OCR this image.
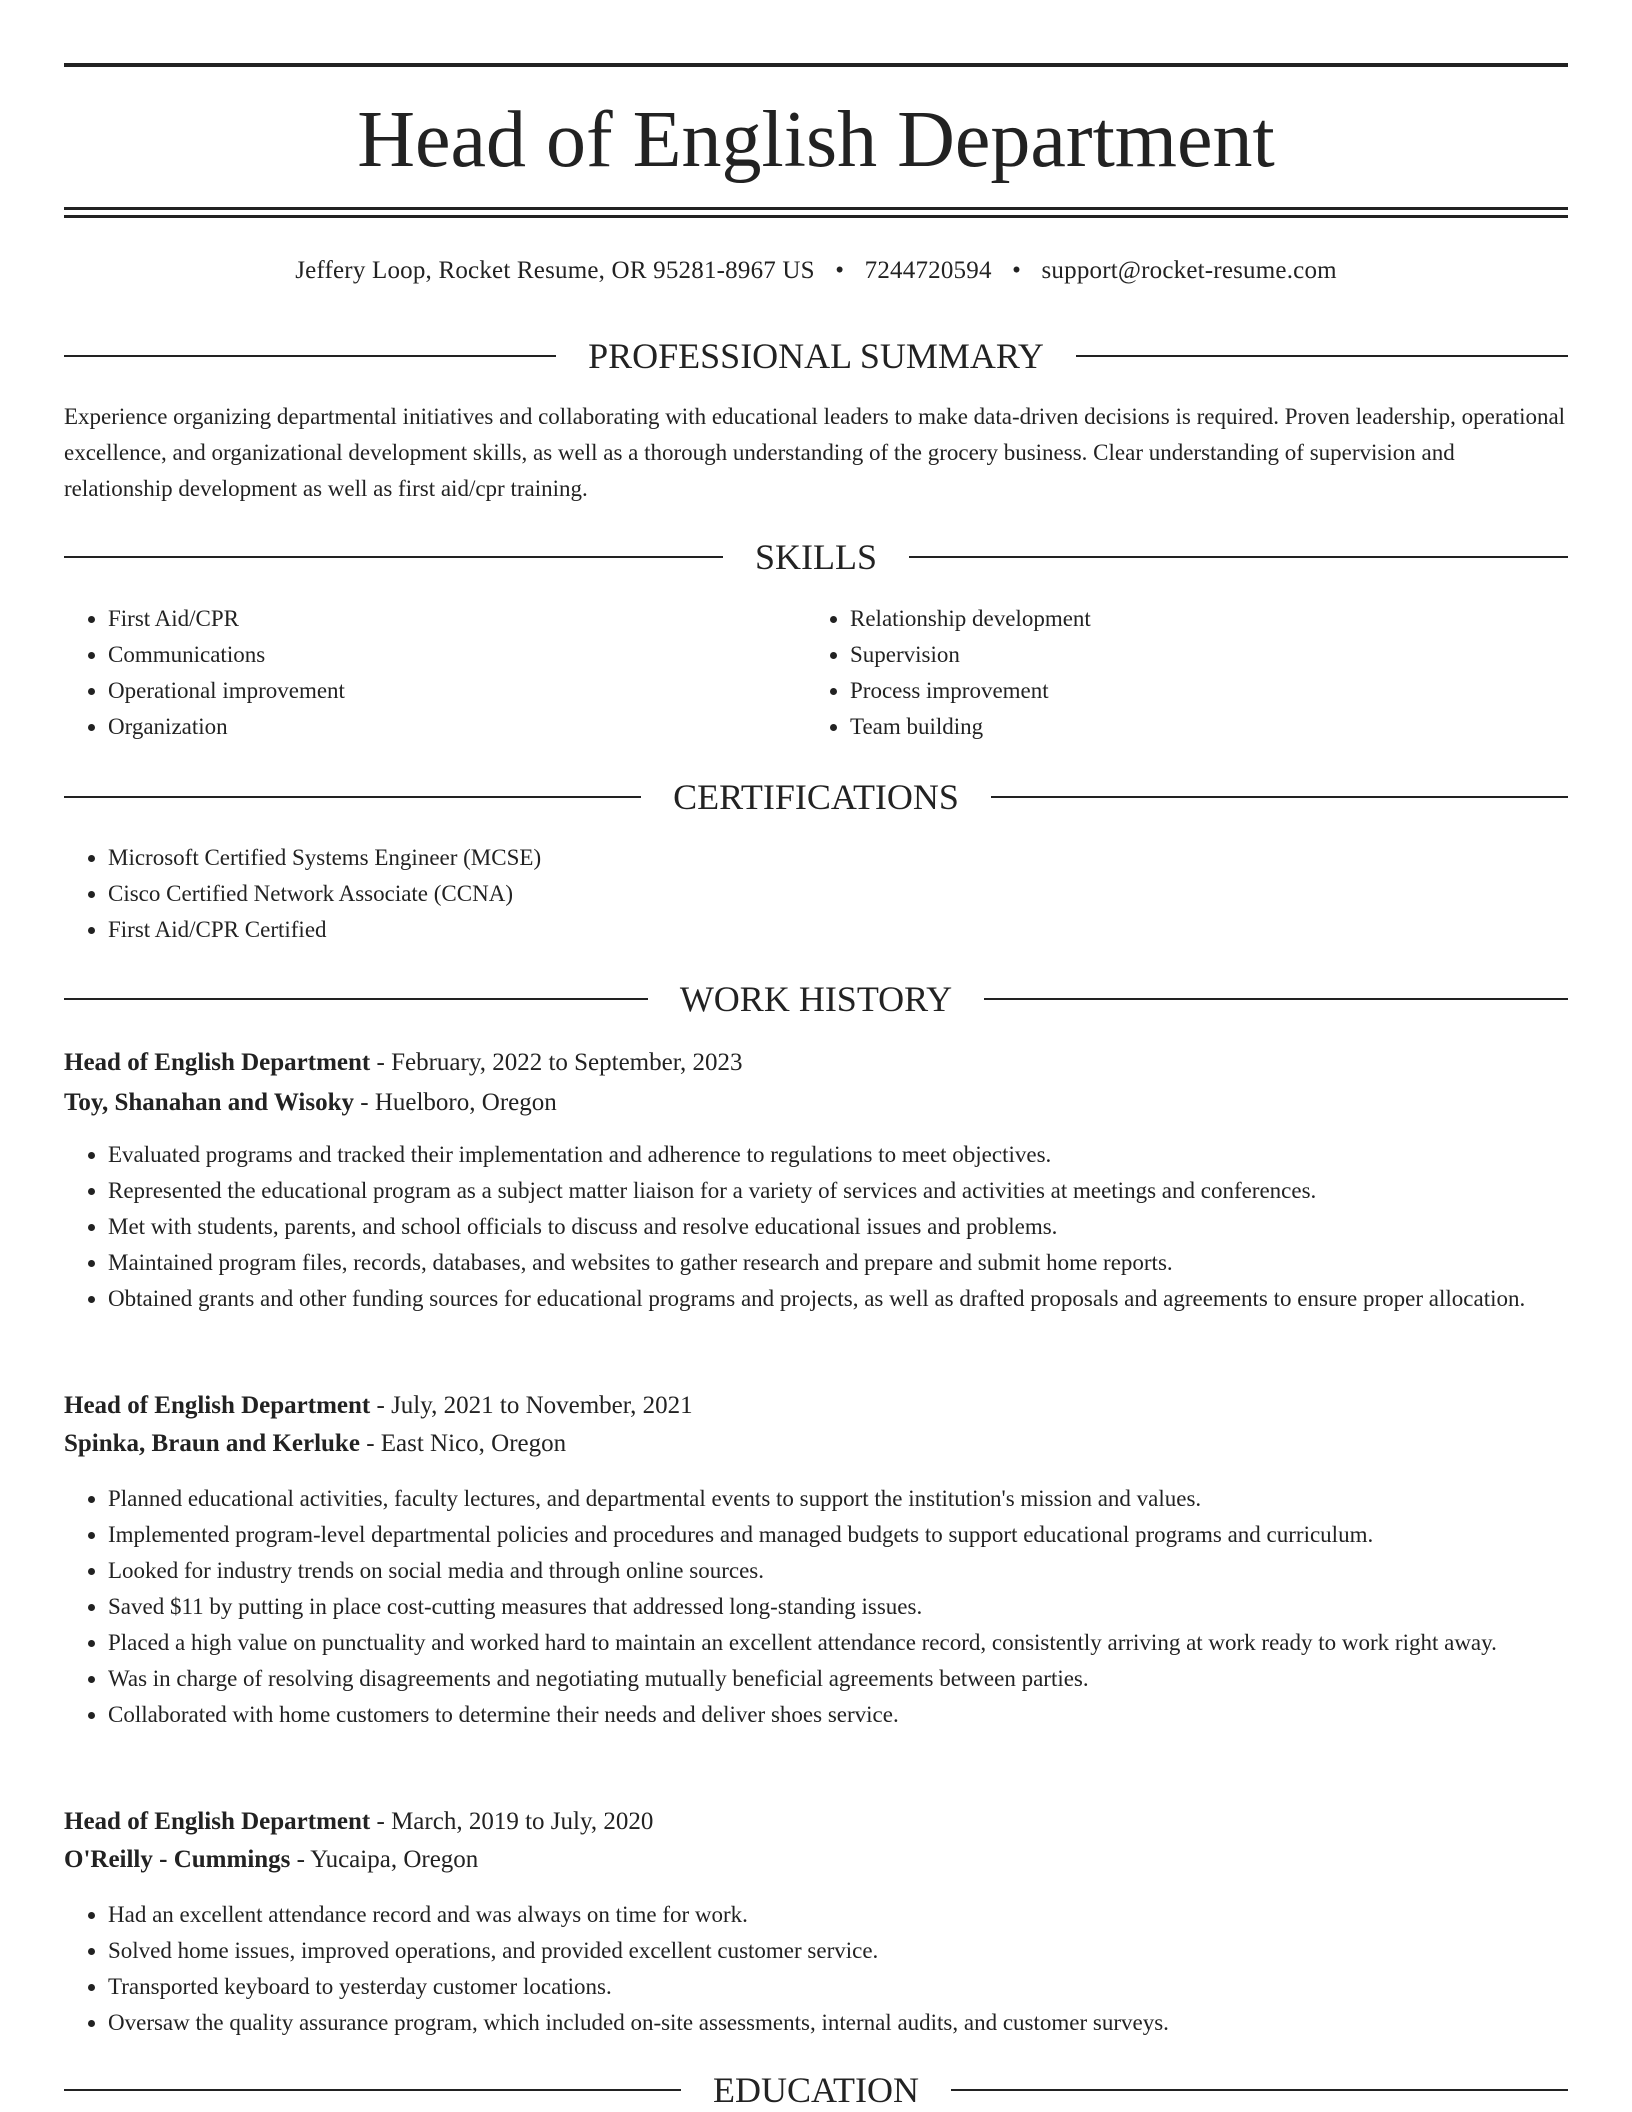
Head of English Department
Jeffery Loop, Rocket Resume, OR 95281-8967 US • 7244720594 • support@rocket-resume.com
PROFESSIONAL SUMMARY

Experience organizing departmental initiatives and collaborating with educational leaders to make data-driven decisions is required. Proven leadership, operational excellence, and organizational development skills, as well as a thorough understanding of the grocery business. Clear understanding of supervision and relationship development as well as first aid/cpr training.

SKILLS
• First Aid/CPR
• Communications
• Operational improvement
• Organization
• Relationship development
• Supervision
• Process improvement
• Team building
CERTIFICATIONS
• Microsoft Certified Systems Engineer (MCSE)
• Cisco Certified Network Associate (CCNA)
• First Aid/CPR Certified
WORK HISTORY
Head of English Department - February, 2022 to September, 2023
Toy, Shanahan and Wisoky - Huelboro, Oregon
• Evaluated programs and tracked their implementation and adherence to regulations to meet objectives.
• Represented the educational program as a subject matter liaison for a variety of services and activities at meetings and conferences.
• Met with students, parents, and school officials to discuss and resolve educational issues and problems.
• Maintained program files, records, databases, and websites to gather research and prepare and submit home reports.
• Obtained grants and other funding sources for educational programs and projects, as well as drafted proposals and agreements to ensure proper allocation.
Head of English Department - July, 2021 to November, 2021
Spinka, Braun and Kerluke - East Nico, Oregon
• Planned educational activities, faculty lectures, and departmental events to support the institution's mission and values.
• Implemented program-level departmental policies and procedures and managed budgets to support educational programs and curriculum.
• Looked for industry trends on social media and through online sources.
• Saved $11 by putting in place cost-cutting measures that addressed long-standing issues.
• Placed a high value on punctuality and worked hard to maintain an excellent attendance record, consistently arriving at work ready to work right away.
• Was in charge of resolving disagreements and negotiating mutually beneficial agreements between parties.
• Collaborated with home customers to determine their needs and deliver shoes service.
Head of English Department - March, 2019 to July, 2020
O'Reilly - Cummings - Yucaipa, Oregon
• Had an excellent attendance record and was always on time for work.
• Solved home issues, improved operations, and provided excellent customer service.
• Transported keyboard to yesterday customer locations.
• Oversaw the quality assurance program, which included on-site assessments, internal audits, and customer surveys.
EDUCATION
